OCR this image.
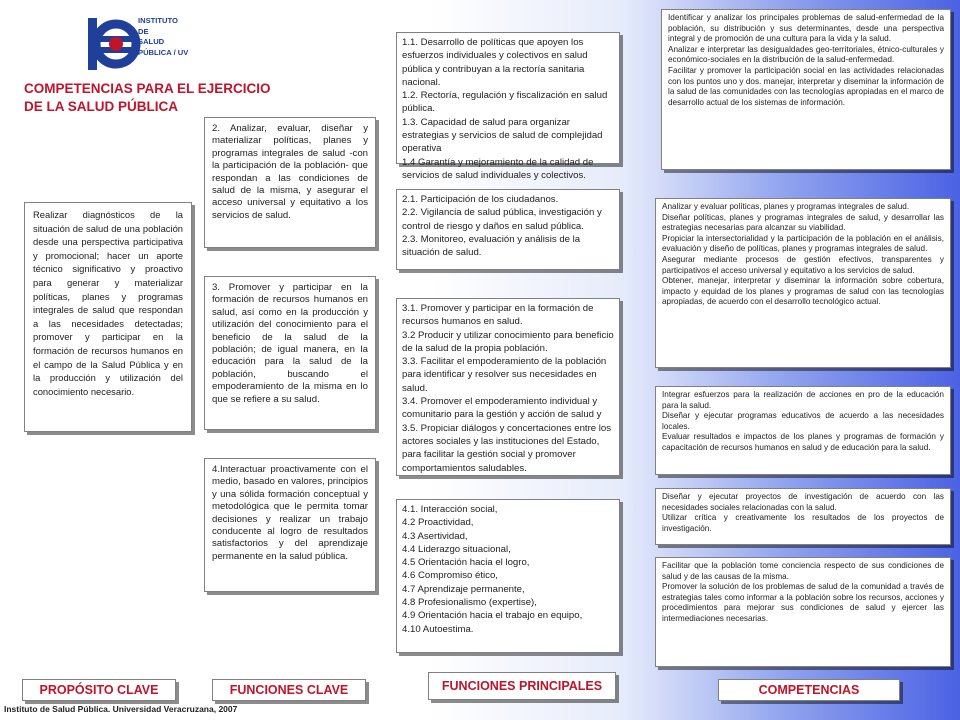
INSTITUTO
DE
SALUD
PÚBLICA / UV
COMPETENCIAS PARA EL EJERCICIO
DE LA SALUD PÚBLICA
Realizar diagnósticos de la situación de salud de una población desde una perspectiva participativa y promocional; hacer un aporte técnico significativo y proactivo para generar y materializar políticas, planes y programas integrales de salud que respondan a las necesidades detectadas; promover y participar en la formación de recursos humanos en el campo de la Salud Pública y en la producción y utilización del conocimiento necesario.
2. Analizar, evaluar, diseñar y materializar políticas, planes y programas integrales de salud -con la participación de la población- que respondan a las condiciones de salud de la misma, y asegurar el acceso universal y equitativo a los servicios de salud.
3. Promover y participar en la formación de recursos humanos en salud, así como en la producción y utilización del conocimiento para el beneficio de la salud de la población; de igual manera, en la educación para la salud de la población, buscando el empoderamiento de la misma en lo que se refiere a su salud.
4.Interactuar proactivamente con el medio, basado en valores, principios y una sólida formación conceptual y metodológica que le permita tomar decisiones y realizar un trabajo conducente al logro de resultados satisfactorios y del aprendizaje permanente en la salud pública.
1.1. Desarrollo de políticas que apoyen los esfuerzos individuales y colectivos en salud pública y contribuyan a la rectoría sanitaria nacional.
1.2. Rectoría, regulación y fiscalización en salud pública.
1.3. Capacidad de salud para organizar estrategias y servicios de salud de complejidad operativa
1.4 Garantía y mejoramiento de la calidad de servicios de salud individuales y colectivos.
2.1. Participación de los ciudadanos.
2.2. Vigilancia de salud pública, investigación y control de riesgo y daños en salud pública.
2.3. Monitoreo, evaluación y análisis de la situación de salud.
3.1. Promover y participar en la formación de recursos humanos en salud.
3.2 Producir y utilizar conocimiento para beneficio de la salud de la propia población.
3.3. Facilitar el empoderamiento de la población para identificar y resolver sus necesidades en salud.
3.4. Promover el empoderamiento individual y comunitario para la gestión y acción de salud y
3.5. Propiciar diálogos y concertaciones entre los actores sociales y las instituciones del Estado, para facilitar la gestión social y promover comportamientos saludables.
4.1. Interacción social,
4.2 Proactividad,
4.3 Asertividad,
4.4 Liderazgo situacional,
4.5 Orientación hacia el logro,
4.6 Compromiso ético,
4.7 Aprendizaje permanente,
4.8 Profesionalismo (expertise),
4.9 Orientación hacia el trabajo en equipo,
4.10 Autoestima.
Identificar y analizar los principales problemas de salud-enfermedad de la población, su distribución y sus determinantes, desde una perspectiva integral y de promoción de una cultura para la vida y la salud.
Analizar e interpretar las desigualdades geo-territoriales, étnico-culturales y económico-sociales en la distribución de la salud-enfermedad.
Facilitar y promover la participación social en las actividades relacionadas con los puntos uno y dos. manejar, interpretar y diseminar la información de la salud de las comunidades con las tecnologías apropiadas en el marco de desarrollo actual de los sistemas de información.
Analizar y evaluar políticas, planes y programas integrales de salud.
Diseñar políticas, planes y programas integrales de salud, y desarrollar las estrategias necesarias para alcanzar su viabilidad.
Propiciar la intersectorialidad y la participación de la población en el análisis, evaluación y diseño de políticas, planes y programas integrales de salud.
Asegurar mediante procesos de gestión efectivos, transparentes y participativos el acceso universal y equitativo a los servicios de salud.
Obtener, manejar, interpretar y diseminar la información sobre cobertura, impacto y equidad de los planes y programas de salud con las tecnologías apropiadas, de acuerdo con el desarrollo tecnológico actual.
Integrar esfuerzos para la realización de acciones en pro de la educación para la salud.
Diseñar y ejecutar programas educativos de acuerdo a las necesidades locales.
Evaluar resultados e impactos de los planes y programas de formación y capacitación de recursos humanos en salud y de educación para la salud.
Diseñar y ejecutar proyectos de investigación de acuerdo con las necesidades sociales relacionadas con la salud.
Utilizar crítica y creativamente los resultados de los proyectos de investigación.
Facilitar que la población tome conciencia respecto de sus condiciones de salud y de las causas de la misma.
Promover la solución de los problemas de salud de la comunidad a través de estrategias tales como informar a la población sobre los recursos, acciones y procedimientos para mejorar sus condiciones de salud y ejercer las intermediaciones necesarias.
PROPÓSITO CLAVE	FUNCIONES CLAVE	FUNCIONES PRINCIPALES	COMPETENCIAS
Instituto de Salud Pública. Universidad Veracruzana, 2007
